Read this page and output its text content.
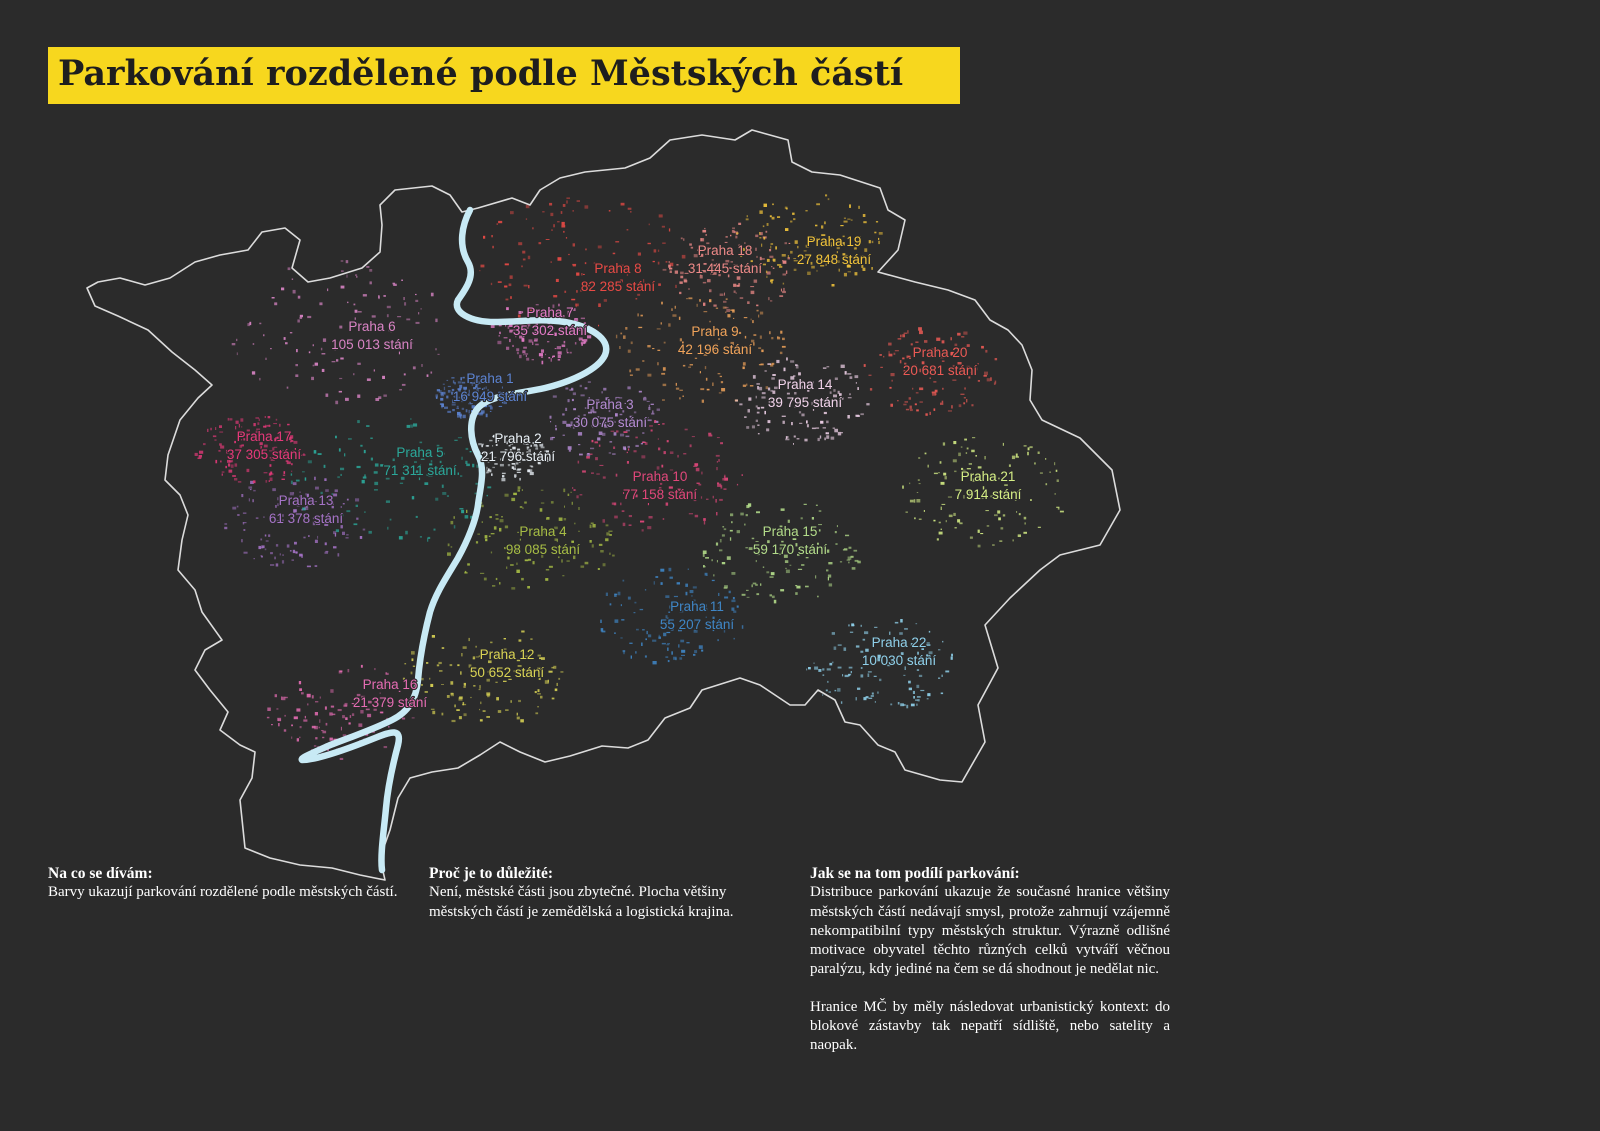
Parkování rozdělené podle Městských částí
Praha 1 16 949 stání
Praha 2 21 796 stání
Praha 3 30 075 stání
Praha 4 98 085 stání
Praha 5 71 311 stání
Praha 6 105 013 stání
Praha 7 35 302 stání
Praha 8 82 285 stání
Praha 9 42 196 stání
Praha 10 77 158 stání
Praha 11 55 207 stání
Praha 12 50 652 stání
Praha 13 61 378 stání
Praha 14 39 795 stání
Praha 15 59 170 stání
Praha 16 21 379 stání
Praha 17 37 305 stání
Praha 18 31 445 stání
Praha 19 27 848 stání
Praha 20 20 681 stání
Praha 21 7 914 stání
Praha 22 10 030 stání
Na co se dívám:

Barvy ukazují parkování rozdělené podle městských částí.

Proč je to důležité:

Není, městské části jsou zbytečné. Plocha většiny městských částí je zemědělská a logistická krajina.

Jak se na tom podílí parkování:

Distribuce parkování ukazuje že současné hranice většiny městských částí nedávají smysl, protože zahrnují vzájemně nekompatibilní typy městských struktur. Výrazně odlišné motivace obyvatel těchto různých celků vytváří věčnou paralýzu, kdy jediné na čem se dá shodnout je nedělat nic.

Hranice MČ by měly následovat urbanistický kontext: do blokové zástavby tak nepatří sídliště, nebo satelity a naopak.
